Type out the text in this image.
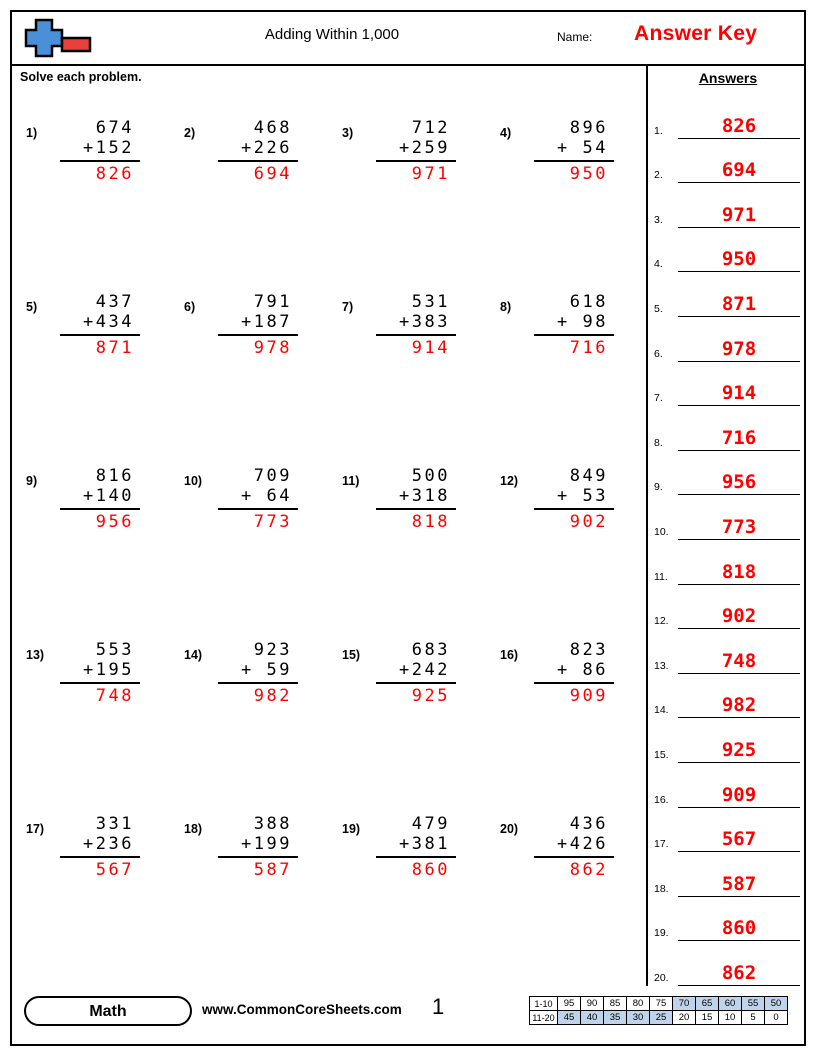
Adding Within 1,000	Name: Answer Key
Solve each problem.
1)	674
+152
826
2)	468
+226
694
3)	712
+259
971
4)	896
+ 54
950
5)	437
+434
871
6)	791
+187
978
7)	531
+383
914
8)	618
+ 98
716
9)	816
+140
956
10)	709
+ 64
773
11)	500
+318
818
12)	849
+ 53
902
13)	553
+195
748
14)	923
+ 59
982
15)	683
+242
925
16)	823
+ 86
909
17)	331
+236
567
18)	388
+199
587
19)	479
+381
860
20)	436
+426
862
Answers
1.	826
2.	694
3.	971
4.	950
5.	871
6.	978
7.	914
8.	716
9.	956
10.	773
11.	818
12.	902
13.	748
14.	982
15.	925
16.	909
17.	567
18.	587
19.	860
20.	862
Math	www.CommonCoreSheets.com 1	1-10	95	90	85	80	75	70	65	60	55	50
11-20	45	40	35	30	25	20	15	10	5	0
